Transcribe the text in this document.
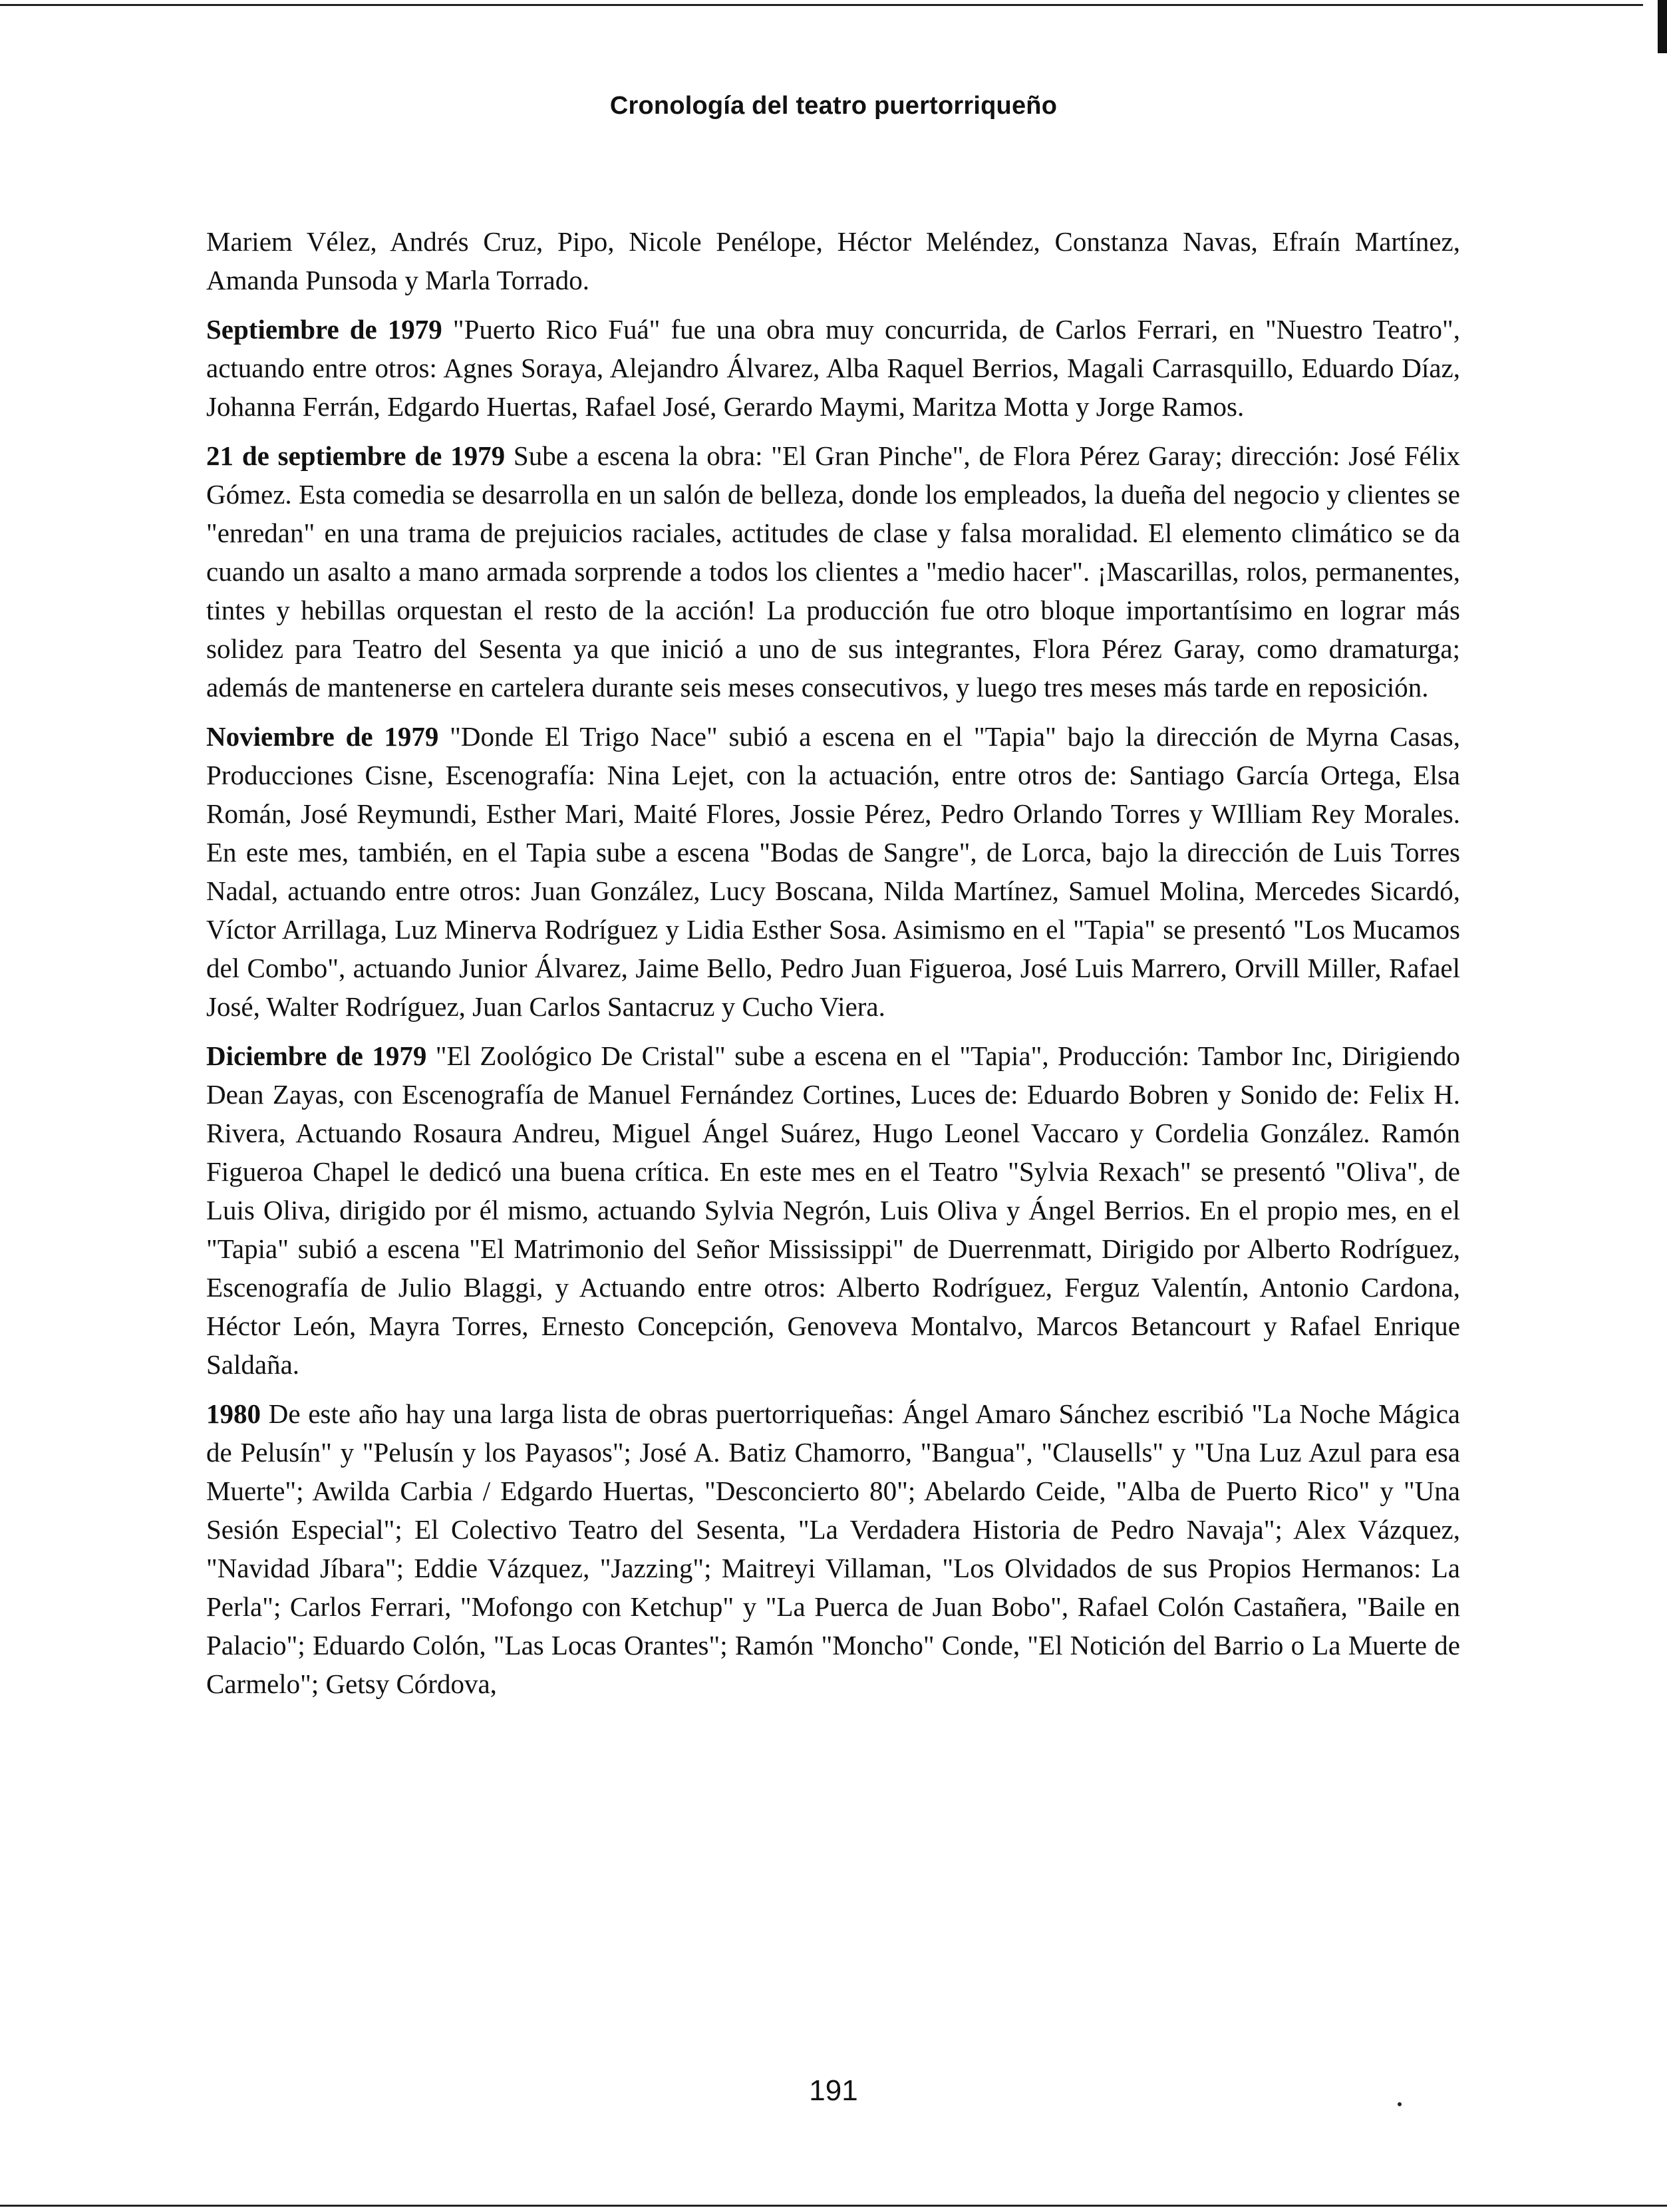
Cronología del teatro puertorriqueño

Mariem Vélez, Andrés Cruz, Pipo, Nicole Penélope, Héctor Meléndez, Constanza Navas, Efraín Martínez, Amanda Punsoda y Marla Torrado.

Septiembre de 1979 "Puerto Rico Fuá" fue una obra muy concurrida, de Carlos Ferrari, en "Nuestro Teatro", actuando entre otros: Agnes Soraya, Alejandro Álvarez, Alba Raquel Berrios, Magali Carrasquillo, Eduardo Díaz, Johanna Ferrán, Edgardo Huertas, Rafael José, Gerardo Maymi, Maritza Motta y Jorge Ramos.

21 de septiembre de 1979 Sube a escena la obra: "El Gran Pinche", de Flora Pérez Garay; dirección: José Félix Gómez. Esta comedia se desarrolla en un salón de belleza, donde los empleados, la dueña del negocio y clientes se "enredan" en una trama de prejuicios raciales, actitudes de clase y falsa moralidad. El elemento climático se da cuando un asalto a mano armada sorprende a todos los clientes a "medio hacer". ¡Mascarillas, rolos, permanentes, tintes y hebillas orquestan el resto de la acción! La producción fue otro bloque importantísimo en lograr más solidez para Teatro del Sesenta ya que inició a uno de sus integrantes, Flora Pérez Garay, como dramaturga; además de mantenerse en cartelera durante seis meses consecutivos, y luego tres meses más tarde en reposición.

Noviembre de 1979 "Donde El Trigo Nace" subió a escena en el "Tapia" bajo la dirección de Myrna Casas, Producciones Cisne, Escenografía: Nina Lejet, con la actuación, entre otros de: Santiago García Ortega, Elsa Román, José Reymundi, Esther Mari, Maité Flores, Jossie Pérez, Pedro Orlando Torres y WIlliam Rey Morales. En este mes, también, en el Tapia sube a escena "Bodas de Sangre", de Lorca, bajo la dirección de Luis Torres Nadal, actuando entre otros: Juan González, Lucy Boscana, Nilda Martínez, Samuel Molina, Mercedes Sicardó, Víctor Arrillaga, Luz Minerva Rodríguez y Lidia Esther Sosa. Asimismo en el "Tapia" se presentó "Los Mucamos del Combo", actuando Junior Álvarez, Jaime Bello, Pedro Juan Figueroa, José Luis Marrero, Orvill Miller, Rafael José, Walter Rodríguez, Juan Carlos Santacruz y Cucho Viera.

Diciembre de 1979 "El Zoológico De Cristal" sube a escena en el "Tapia", Producción: Tambor Inc, Dirigiendo Dean Zayas, con Escenografía de Manuel Fernández Cortines, Luces de: Eduardo Bobren y Sonido de: Felix H. Rivera, Actuando Rosaura Andreu, Miguel Ángel Suárez, Hugo Leonel Vaccaro y Cordelia González. Ramón Figueroa Chapel le dedicó una buena crítica. En este mes en el Teatro "Sylvia Rexach" se presentó "Oliva", de Luis Oliva, dirigido por él mismo, actuando Sylvia Negrón, Luis Oliva y Ángel Berrios. En el propio mes, en el "Tapia" subió a escena "El Matrimonio del Señor Mississippi" de Duerrenmatt, Dirigido por Alberto Rodríguez, Escenografía de Julio Blaggi, y Actuando entre otros: Alberto Rodríguez, Ferguz Valentín, Antonio Cardona, Héctor León, Mayra Torres, Ernesto Concepción, Genoveva Montalvo, Marcos Betancourt y Rafael Enrique Saldaña.

1980 De este año hay una larga lista de obras puertorriqueñas: Ángel Amaro Sánchez escribió "La Noche Mágica de Pelusín" y "Pelusín y los Payasos"; José A. Batiz Chamorro, "Bangua", "Clausells" y "Una Luz Azul para esa Muerte"; Awilda Carbia / Edgardo Huertas, "Desconcierto 80"; Abelardo Ceide, "Alba de Puerto Rico" y "Una Sesión Especial"; El Colectivo Teatro del Sesenta, "La Verdadera Historia de Pedro Navaja"; Alex Vázquez, "Navidad Jíbara"; Eddie Vázquez, "Jazzing"; Maitreyi Villaman, "Los Olvidados de sus Propios Hermanos: La Perla"; Carlos Ferrari, "Mofongo con Ketchup" y "La Puerca de Juan Bobo", Rafael Colón Castañera, "Baile en Palacio"; Eduardo Colón, "Las Locas Orantes"; Ramón "Moncho" Conde, "El Notición del Barrio o La Muerte de Carmelo"; Getsy Córdova,

191
